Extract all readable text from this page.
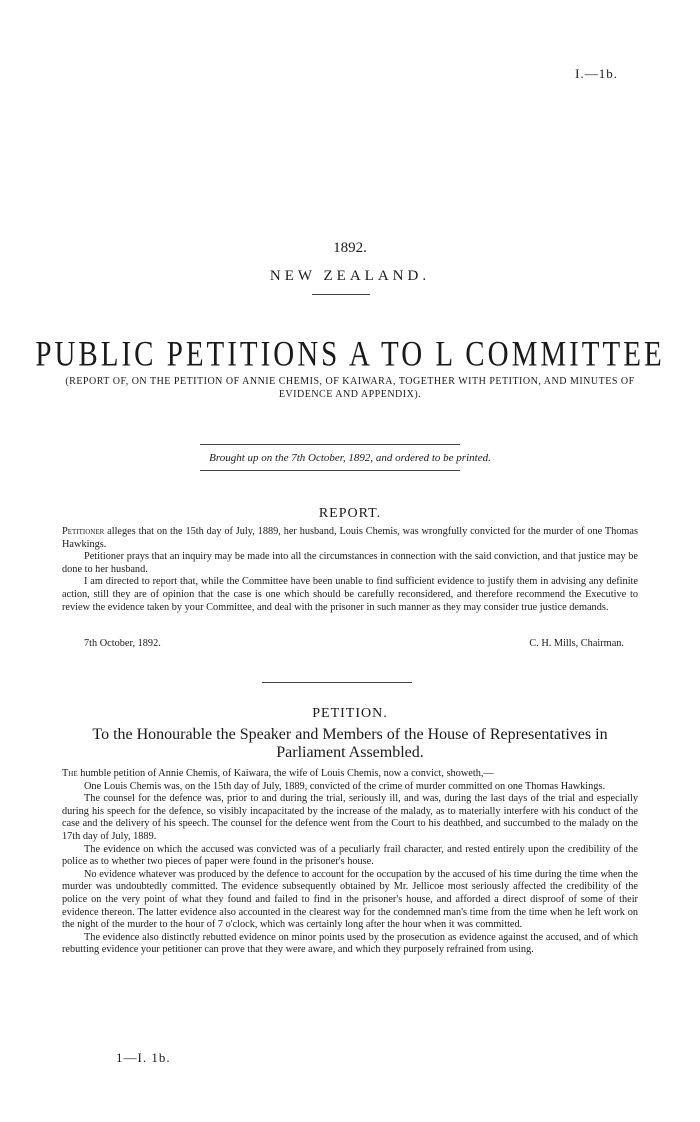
I.—1b.
1892.
NEW ZEALAND.
PUBLIC PETITIONS A TO L COMMITTEE
(REPORT OF, ON THE PETITION OF ANNIE CHEMIS, OF KAIWARA, TOGETHER WITH PETITION, AND MINUTES OF EVIDENCE AND APPENDIX).
Brought up on the 7th October, 1892, and ordered to be printed.
REPORT.

Petitioner alleges that on the 15th day of July, 1889, her husband, Louis Chemis, was wrongfully convicted for the murder of one Thomas Hawkings.

Petitioner prays that an inquiry may be made into all the circumstances in connection with the said conviction, and that justice may be done to her husband.

I am directed to report that, while the Committee have been unable to find sufficient evidence to justify them in advising any definite action, still they are of opinion that the case is one which should be carefully reconsidered, and therefore recommend the Executive to review the evidence taken by your Committee, and deal with the prisoner in such manner as they may consider true justice demands.

7th October, 1892.	C. H. Mills, Chairman.
PETITION.
To the Honourable the Speaker and Members of the House of Representatives in Parliament Assembled.

The humble petition of Annie Chemis, of Kaiwara, the wife of Louis Chemis, now a convict, showeth,—

One Louis Chemis was, on the 15th day of July, 1889, convicted of the crime of murder committed on one Thomas Hawkings.

The counsel for the defence was, prior to and during the trial, seriously ill, and was, during the last days of the trial and especially during his speech for the defence, so visibly incapacitated by the increase of the malady, as to materially interfere with his conduct of the case and the delivery of his speech. The counsel for the defence went from the Court to his deathbed, and succumbed to the malady on the 17th day of July, 1889.

The evidence on which the accused was convicted was of a peculiarly frail character, and rested entirely upon the credibility of the police as to whether two pieces of paper were found in the prisoner's house.

No evidence whatever was produced by the defence to account for the occupation by the accused of his time during the time when the murder was undoubtedly committed. The evidence subsequently obtained by Mr. Jellicoe most seriously affected the credibility of the police on the very point of what they found and failed to find in the prisoner's house, and afforded a direct disproof of some of their evidence thereon. The latter evidence also accounted in the clearest way for the condemned man's time from the time when he left work on the night of the murder to the hour of 7 o'clock, which was certainly long after the hour when it was committed.

The evidence also distinctly rebutted evidence on minor points used by the prosecution as evidence against the accused, and of which rebutting evidence your petitioner can prove that they were aware, and which they purposely refrained from using.

1—I. 1b.
